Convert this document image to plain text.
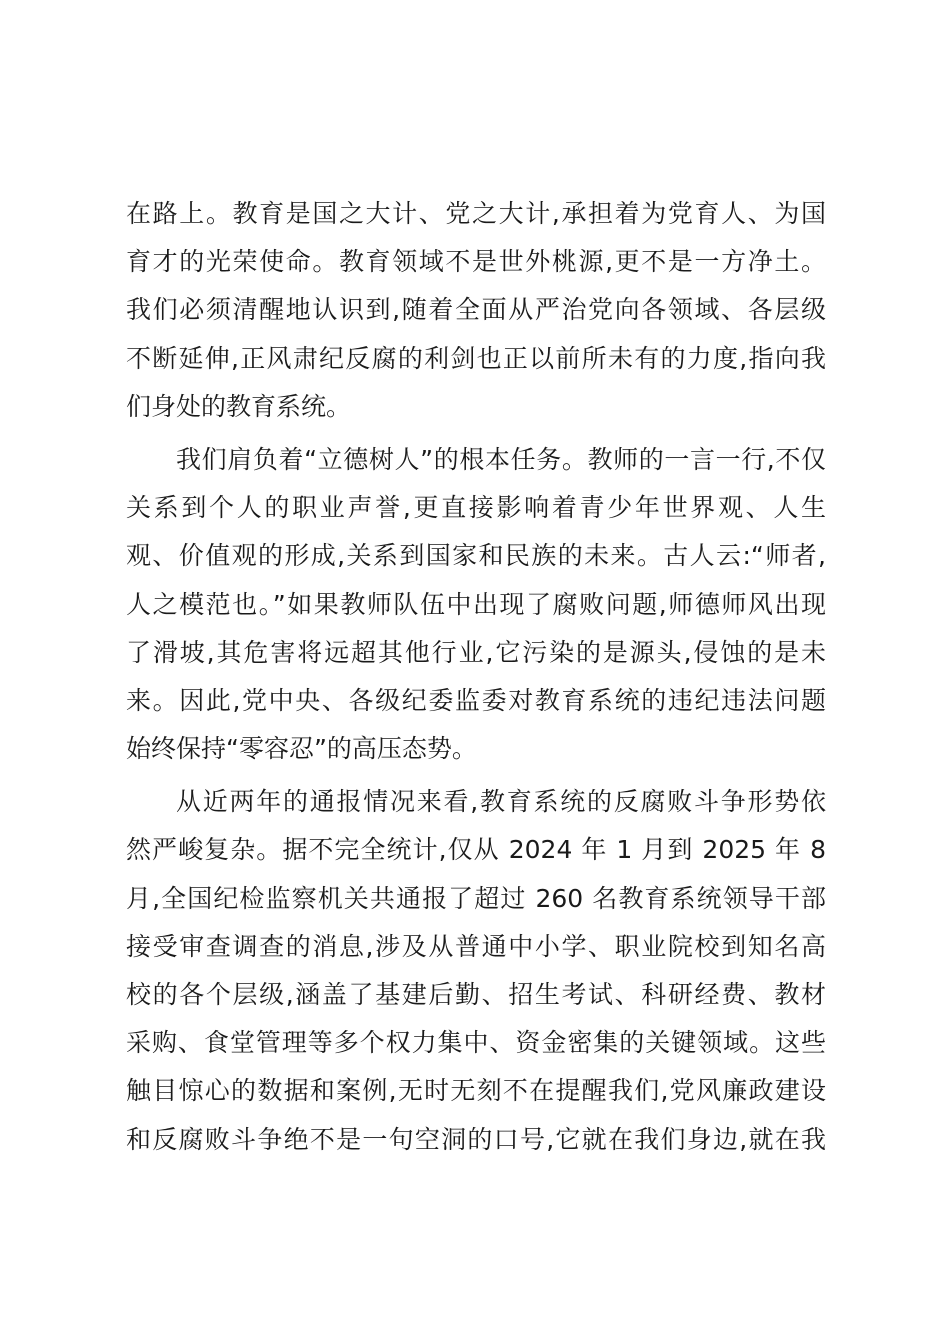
在路上。教育是国之大计、党之大计,承担着为党育人、为国
育才的光荣使命。教育领域不是世外桃源,更不是一方净土。
我们必须清醒地认识到,随着全面从严治党向各领域、各层级
不断延伸,正风肃纪反腐的利剑也正以前所未有的力度,指向我
们身处的教育系统。
我们肩负着“立德树人”的根本任务。教师的一言一行,不仅
关系到个人的职业声誉,更直接影响着青少年世界观、人生
观、价值观的形成,关系到国家和民族的未来。古人云:“师者,
人之模范也。”如果教师队伍中出现了腐败问题,师德师风出现
了滑坡,其危害将远超其他行业,它污染的是源头,侵蚀的是未
来。因此,党中央、各级纪委监委对教育系统的违纪违法问题
始终保持“零容忍”的高压态势。
从近两年的通报情况来看,教育系统的反腐败斗争形势依
然严峻复杂。据不完全统计,仅从 2024 年 1 月到 2025 年 8
月,全国纪检监察机关共通报了超过 260 名教育系统领导干部
接受审查调查的消息,涉及从普通中小学、职业院校到知名高
校的各个层级,涵盖了基建后勤、招生考试、科研经费、教材
采购、食堂管理等多个权力集中、资金密集的关键领域。这些
触目惊心的数据和案例,无时无刻不在提醒我们,党风廉政建设
和反腐败斗争绝不是一句空洞的口号,它就在我们身边,就在我
